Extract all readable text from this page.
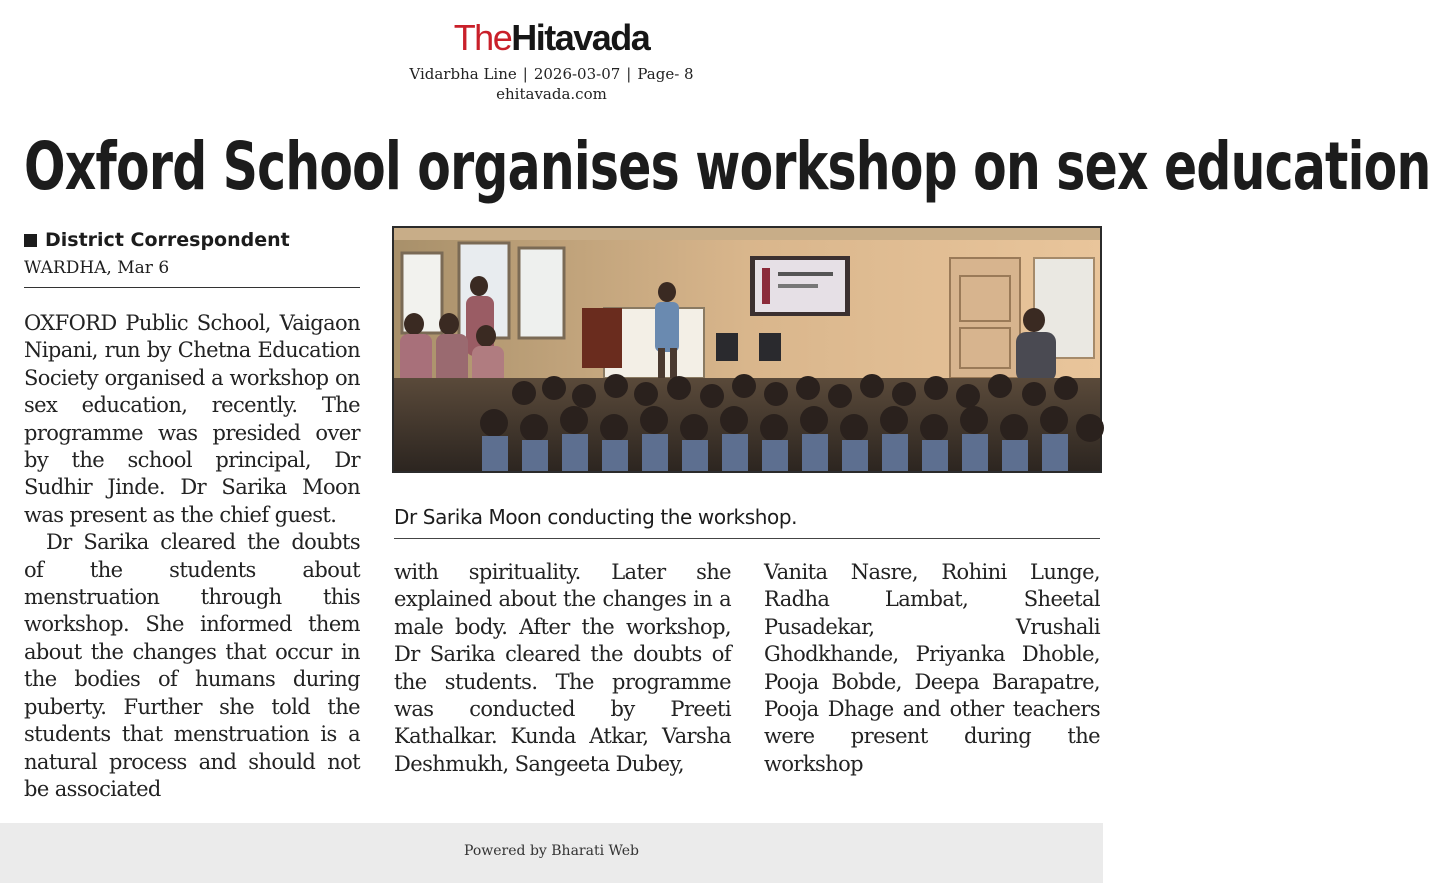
TheHitavada
Vidarbha Line | 2026-03-07 | Page- 8
ehitavada.com
Oxford School organises workshop on sex education
District Correspondent
WARDHA, Mar 6

OXFORD Public School, Vaigaon Nipani, run by Chetna Education Society organised a workshop on sex education, recently. The programme was presided over by the school principal, Dr Sudhir Jinde. Dr Sarika Moon was present as the chief guest.

Dr Sarika cleared the doubts of the students about menstruation through this workshop. She informed them about the changes that occur in the bodies of humans during puberty. Further she told the students that menstruation is a natural process and should not be associated

Dr Sarika Moon conducting the workshop.

with spirituality. Later she explained about the changes in a male body. After the workshop, Dr Sarika cleared the doubts of the students. The programme was conducted by Preeti Kathalkar. Kunda Atkar, Varsha Deshmukh, Sangeeta Dubey,

Vanita Nasre, Rohini Lunge, Radha Lambat, Sheetal Pusadekar, Vrushali Ghodkhande, Priyanka Dhoble, Pooja Bobde, Deepa Barapatre, Pooja Dhage and other teachers were present during the workshop

Powered by Bharati Web
